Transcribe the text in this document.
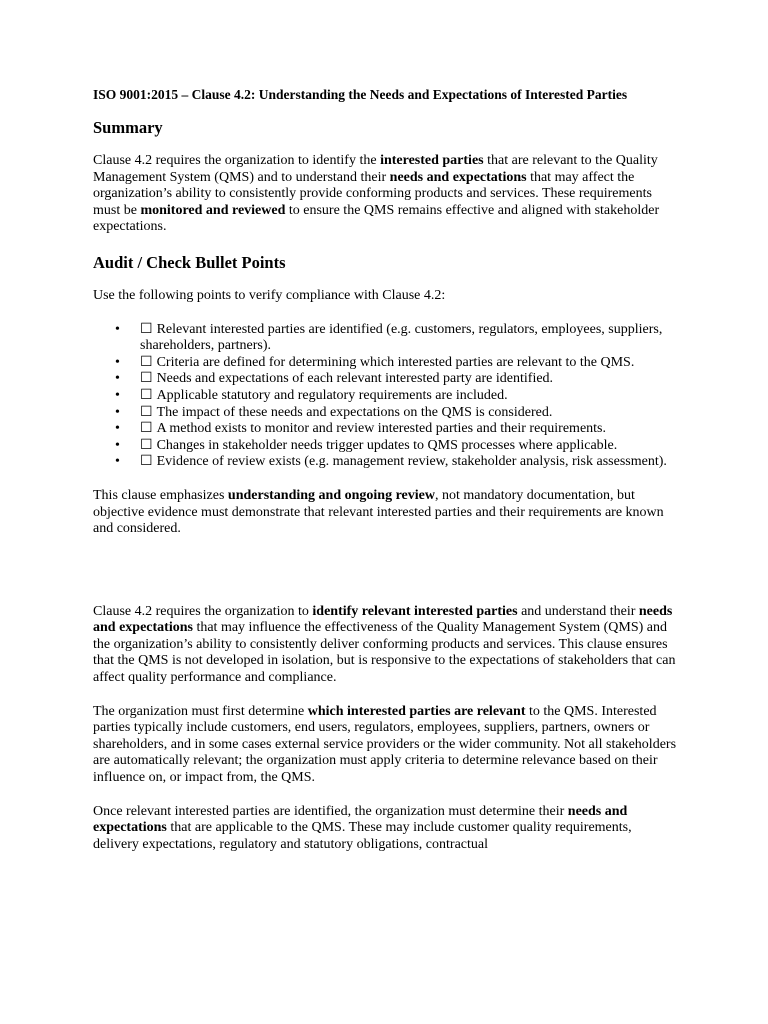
ISO 9001:2015 – Clause 4.2: Understanding the Needs and Expectations of Interested Parties
Summary
Clause 4.2 requires the organization to identify the interested parties that are relevant to the Quality Management System (QMS) and to understand their needs and expectations that may affect the organization’s ability to consistently provide conforming products and services. These requirements must be monitored and reviewed to ensure the QMS remains effective and aligned with stakeholder expectations.
Audit / Check Bullet Points
Use the following points to verify compliance with Clause 4.2:
• ☐ Relevant interested parties are identified (e.g. customers, regulators, employees, suppliers, shareholders, partners).
• ☐ Criteria are defined for determining which interested parties are relevant to the QMS.
• ☐ Needs and expectations of each relevant interested party are identified.
• ☐ Applicable statutory and regulatory requirements are included.
• ☐ The impact of these needs and expectations on the QMS is considered.
• ☐ A method exists to monitor and review interested parties and their requirements.
• ☐ Changes in stakeholder needs trigger updates to QMS processes where applicable.
• ☐ Evidence of review exists (e.g. management review, stakeholder analysis, risk assessment).
This clause emphasizes understanding and ongoing review, not mandatory documentation, but objective evidence must demonstrate that relevant interested parties and their requirements are known and considered.
Clause 4.2 requires the organization to identify relevant interested parties and understand their needs and expectations that may influence the effectiveness of the Quality Management System (QMS) and the organization’s ability to consistently deliver conforming products and services. This clause ensures that the QMS is not developed in isolation, but is responsive to the expectations of stakeholders that can affect quality performance and compliance.
The organization must first determine which interested parties are relevant to the QMS. Interested parties typically include customers, end users, regulators, employees, suppliers, partners, owners or shareholders, and in some cases external service providers or the wider community. Not all stakeholders are automatically relevant; the organization must apply criteria to determine relevance based on their influence on, or impact from, the QMS.
Once relevant interested parties are identified, the organization must determine their needs and expectations that are applicable to the QMS. These may include customer quality requirements, delivery expectations, regulatory and statutory obligations, contractual
